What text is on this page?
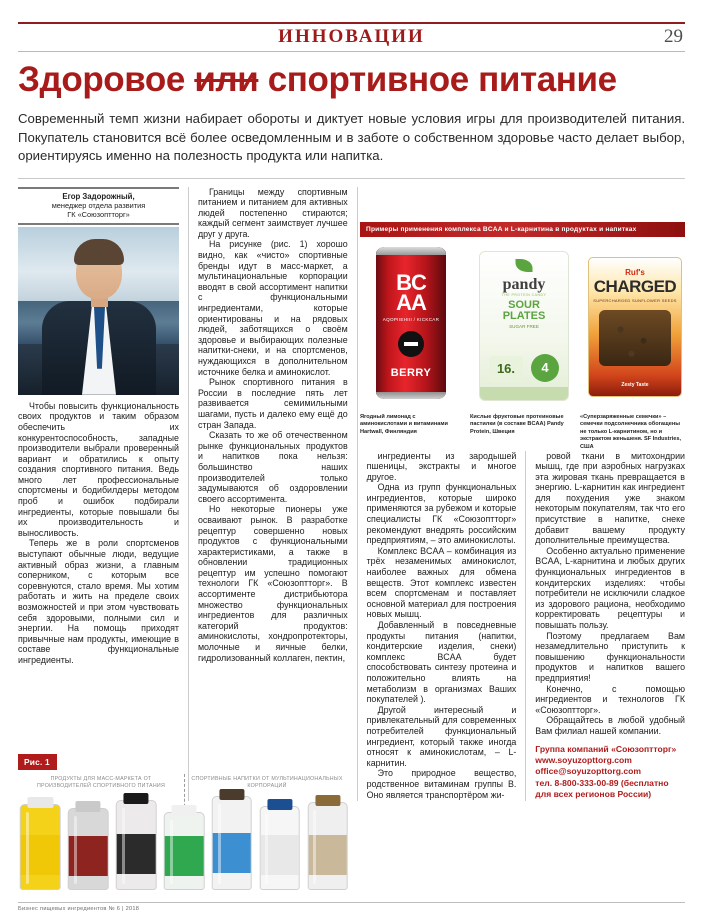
ИННОВАЦИИ	29
Здоровое или спортивное питание

Современный темп жизни набирает обороты и диктует новые условия игры для производителей питания. Покупатель становится всё более осведомленным и в заботе о собственном здоровье часто делает выбор, ориентируясь именно на полезность продукта или напитка.

Егор Задорожный,
менеджер отдела развития
ГК «Союзоптторг»

Чтобы повысить функциональность своих продуктов и таким образом обеспечить их конкурентоспособность, западные производители выбрали проверенный вариант и обратились к опыту создания спортивного питания. Ведь много лет профессиональные спортсмены и бодибилдеры методом проб и ошибок подбирали ингредиенты, которые повышали бы их производительность и выносливость.

Теперь же в роли спортсменов выступают обычные люди, ведущие активный образ жизни, а главным соперником, с которым все соревнуются, стало время. Мы хотим работать и жить на пределе своих возможностей и при этом чувствовать себя здоровыми, полными сил и энергии. На помощь приходят привычные нам продукты, имеющие в составе функциональные ингредиенты.

Границы между спортивным питанием и питанием для активных людей постепенно стираются; каждый сегмент заимствует лучшее друг у друга.

На рисунке (рис. 1) хорошо видно, как «чисто» спортивные бренды идут в масс-маркет, а мультинациональные корпорации вводят в свой ассортимент напитки с функциональными ингредиентами, которые ориентированы и на рядовых людей, заботящихся о своём здоровье и выбирающих полезные напитки-снеки, и на спортсменов, нуждающихся в дополнительном источнике белка и аминокислот.

Рынок спортивного питания в России в последние пять лет развивается семимильными шагами, пусть и далеко ему ещё до стран Запада.

Сказать то же об отечественном рынке функциональных продуктов и напитков пока нельзя: большинство наших производителей только задумываются об оздоровлении своего ассортимента.

Но некоторые пионеры уже осваивают рынок. В разработке рецептур совершенно новых продуктов с функциональными характеристиками, а также в обновлении традиционных рецептур им успешно помогают технологи ГК «Союзоптторг». В ассортименте дистрибьютора множество функциональных ингредиентов для различных категорий продуктов: аминокислоты, хондропротекторы, молочные и яичные белки, гидролизованный коллаген, пектин,

ингредиенты из зародышей пшеницы, экстракты и многое другое.

Одна из групп функциональных ингредиентов, которые широко применяются за рубежом и которые специалисты ГК «Союзоптторг» рекомендуют внедрять российским предприятиям, – это аминокислоты.

Комплекс BCAA – комбинация из трёх незаменимых аминокислот, наиболее важных для обмена веществ. Этот комплекс известен всем спортсменам и поставляет основной материал для построения новых мышц.

Добавленный в повседневные продукты питания (напитки, кондитерские изделия, снеки) комплекс BCAA будет способствовать синтезу протеина и положительно влиять на метаболизм в организмах Ваших покупателей ).

Другой интересный и привлекательный для современных потребителей функциональный ингредиент, который также иногда относят к аминокислотам, – L-карнитин.

Это природное вещество, родственное витаминам группы B. Оно является транспортёром жи-

ровой ткани в митохондрии мышц, где при аэробных нагрузках эта жировая ткань превращается в энергию. L-карнитин как ингредиент для похудения уже знаком некоторым покупателям, так что его присутствие в напитке, снеке добавит вашему продукту дополнительные преимущества.

Особенно актуально применение BCAA, L-карнитина и любых других функциональных ингредиентов в кондитерских изделиях: чтобы потребители не исключили сладкое из здорового рациона, необходимо корректировать рецептуры и повышать пользу.

Поэтому предлагаем Вам незамедлительно приступить к повышению функциональности продуктов и напитков вашего предприятия!

Конечно, с помощью ингредиентов и технологов ГК «Союзоптторг».

Обращайтесь в любой удобный Вам филиал нашей компании.

Группа компаний «Союзоптторг»
www.soyuzopttorg.com
office@soyuzopttorg.com
тел. 8-800-333-00-89 (бесплатно
для всех регионов России)
Примеры применения комплекса BCAA и L-карнитина в продуктах и напитках
BC
AA
AQOPIIEHIII / KICKCAR
BERRY
pandy
THE PROTEIN CANDY
SOUR
PLATES
SUGAR FREE
16.	4
Ruf's
CHARGED
SUPERCHARGED SUNFLOWER SEEDS
Zesty Taste
Ягодный лимонад с аминокислотами и витаминами Hartwall, Финляндия
Кислые фруктовые протеиновые пастилки (в составе BCAA) Pandy Protein, Швеция
«Суперзаряженные семечки» – семечки подсолнечника обогащены не только L-карнитином, но и экстрактом женьшеня. SF Industries, США
Рис. 1
ПРОДУКТЫ ДЛЯ МАСС-МАРКЕТА ОТ ПРОИЗВОДИТЕЛЕЙ СПОРТИВНОГО ПИТАНИЯ
СПОРТИВНЫЕ НАПИТКИ ОТ МУЛЬТИНАЦИОНАЛЬНЫХ КОРПОРАЦИЙ
Бизнес пищевых ингредиентов № 6 | 2018
